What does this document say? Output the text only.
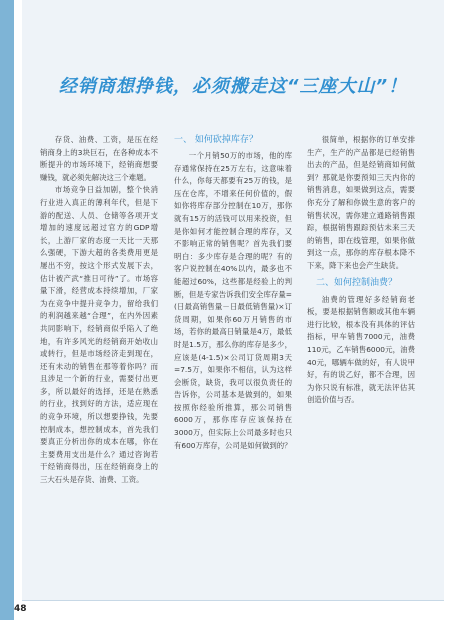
经销商想挣钱，必须搬走这“三座大山”！

存货、油费、工资，是压在经销商身上的3块巨石，在各种成本不断提升的市场环境下，经销商想要赚钱，就必须先解决这三个难题。

市场竞争日益加剧，整个快消行业进入真正的薄利年代，但是下游的配送、人员、仓储等各项开支增加的速度远超过官方的GDP增长，上游厂家的态度一天比一天那么强硬，下游大超的各类费用更是屡出不穷，按这个形式发展下去，估计被产武“推日可待”了。市场容量下滑，经营成本持续增加，厂家为在竞争中提升竞争力，留给我们的利润越来越“合理”，在内外因素共同影响下，经销商似乎陷入了绝地，有许多风光的经销商开始收山或转行，但是市场经济走到现在，还有未动的销售在那等着你吗？而且涉足一个新的行业，需要付出更多，所以最好的选择，还是在熟悉的行业，找到好的方法，适应现在的竞争环境，所以想要挣钱，先要控制成本，想控制成本，首先我们要真正分析出你的成本在哪，你在主要费用支出是什么？通过咨询若干经销商得出，压在经销商身上的三大石头是存货、油费、工资。

一、 如何砍掉库存？

一个月销50万的市场，他的库存通常保持在25万左右，这意味着什么，你每天都要有25万的钱，是压在仓库，不增来任何价值的，假如你将库存部分控制在10万，那你就有15万的活钱可以用来投资，但是你如何才能控制合理的库存，又不影响正常的销售呢？首先我们要明白：多少库存是合理的呢？有的客户说控制在40%以内，最多也不能超过60%，这些都是经验上的判断，但是专家告诉我们安全库存量=(日最高销售量－日最低销售量)×订货周期，如果你60万月销售的市场，若你的最高日销量是4万，最低时是1.5万，那么你的库存是多少，应该是(4-1.5)×公司订货周期3天=7.5万，如果你不相信，认为这样会断货，缺货，我可以很负责任的告诉你，公司基本是做到的，如果按照你经验所推算，那公司销售6000万，那你库存应该保持在3000万，但实际上公司最多时也只有600万库存，公司是如何做到的？

很简单，根据你的订单安排生产，生产的产品都是已经销售出去的产品，但是经销商如何做到？那就是你要预知三天内你的销售消息，如果做到这点，需要你充分了解和你做生意的客户的销售状况，需你建立通路销售跟踪，根据销售跟踪预估未来三天的销售，即在线管理，如果你做到这一点，那你的库存根本降不下来，降下来也会产生缺货。

二、如何控制油费？

油费的管理好多经销商老板，要是根据销售额或其他车辆进行比较，根本没有具体的评估指标，甲车销售7000元，油费110元，乙车销售6000元，油费40元，哪辆车做的好，有人说甲好，有的说乙好，都不合理，因为你只说有标准，就无法评估其创造价值与否。

48
